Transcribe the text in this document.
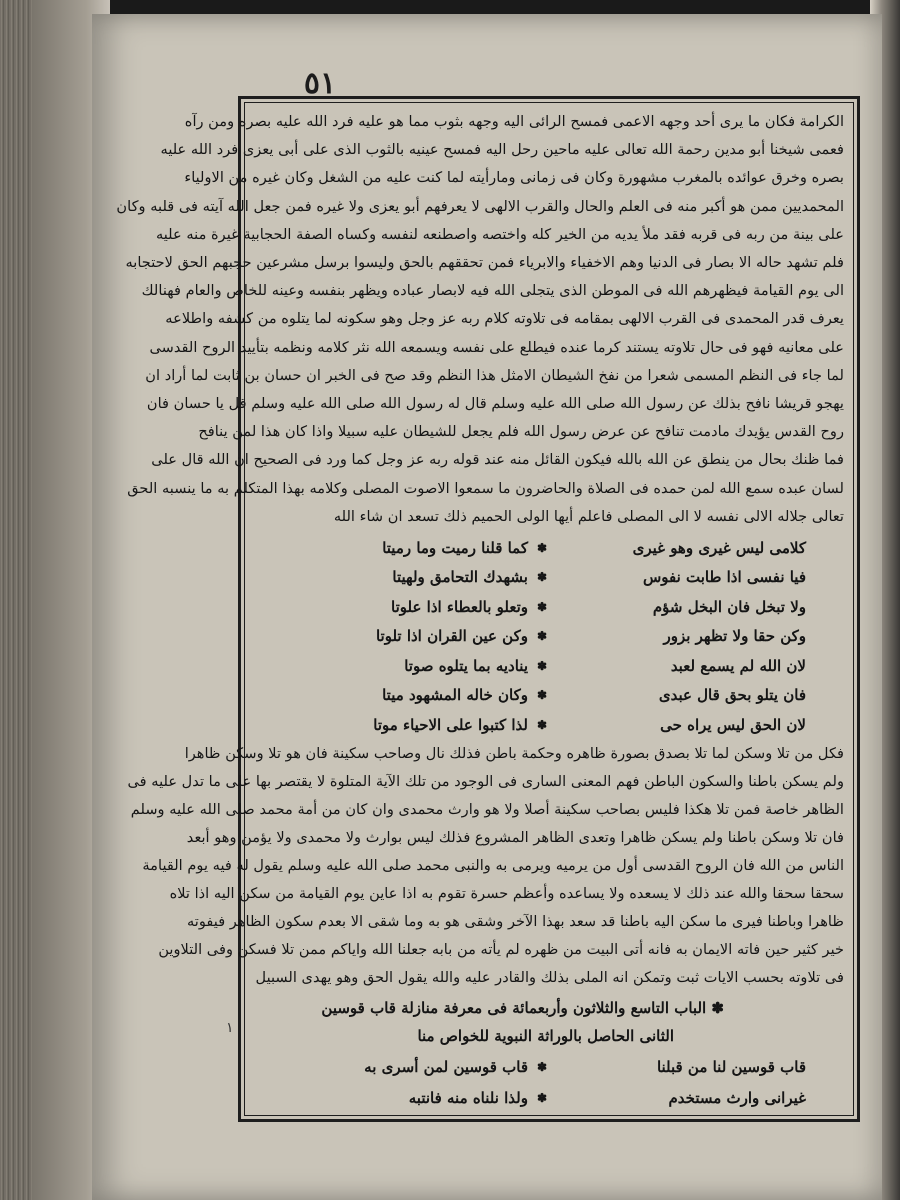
٥١
١

الكرامة فكان ما يرى أحد وجهه الاعمى فمسح الرائى اليه وجهه بثوب مما هو عليه فرد الله عليه بصره ومن رآه

فعمى شيخنا أبو مدين رحمة الله تعالى عليه ماحين رحل اليه فمسح عينيه بالثوب الذى على أبى يعزى فرد الله عليه

بصره وخرق عوائده بالمغرب مشهورة وكان فى زمانى ومارأيته لما كنت عليه من الشغل وكان غيره من الاولياء

المحمديين ممن هو أكبر منه فى العلم والحال والقرب الالهى لا يعرفهم أبو يعزى ولا غيره فمن جعل الله آيته فى قلبه وكان

على بينة من ربه فى قربه فقد ملأ يديه من الخير كله واختصه واصطنعه لنفسه وكساه الصفة الحجابية غيرة منه عليه

فلم تشهد حاله الا بصار فى الدنيا وهم الاخفياء والابرياء فمن تحققهم بالحق وليسوا برسل مشرعين حجبهم الحق لاحتجابه

الى يوم القيامة فيظهرهم الله فى الموطن الذى يتجلى الله فيه لابصار عباده ويظهر بنفسه وعينه للخاص والعام فهنالك

يعرف قدر المحمدى فى القرب الالهى بمقامه فى تلاوته كلام ربه عز وجل وهو سكونه لما يتلوه من كشفه واطلاعه

على معانيه فهو فى حال تلاوته يستند كرما عنده فيطلع على نفسه ويسمعه الله نثر كلامه ونظمه بتأييد الروح القدسى

لما جاء فى النظم المسمى شعرا من نفخ الشيطان الامثل هذا النظم وقد صح فى الخبر ان حسان بن ثابت لما أراد ان

يهجو قريشا نافح بذلك عن رسول الله صلى الله عليه وسلم قال له رسول الله صلى الله عليه وسلم قل يا حسان فان

روح القدس يؤيدك مادمت تنافح عن عرض رسول الله فلم يجعل للشيطان عليه سبيلا واذا كان هذا لمن ينافح

فما ظنك بحال من ينطق عن الله بالله فيكون القائل منه عند قوله ربه عز وجل كما ورد فى الصحيح ان الله قال على

لسان عبده سمع الله لمن حمده فى الصلاة والحاضرون ما سمعوا الاصوت المصلى وكلامه بهذا المتكلم به ما ينسبه الحق

تعالى جلاله الالى نفسه لا الى المصلى فاعلم أيها الولى الحميم ذلك تسعد ان شاء الله

كلامى ليس غيرى وهو غيرى
✽
كما قلنا رميت وما رميتا
فيا نفسى اذا طابت نفوس
✽
بشهدك التحامق ولهيتا
ولا تبخل فان البخل شؤم
✽
وتعلو بالعطاء اذا علوتا
وكن حقا ولا تظهر بزور
✽
وكن عين القران اذا تلوتا
لان الله لم يسمع لعبد
✽
يناديه بما يتلوه صوتا
فان يتلو بحق قال عبدى
✽
وكان خاله المشهود ميتا
لان الحق ليس يراه حى
✽
لذا كتبوا على الاحياء موتا

فكل من تلا وسكن لما تلا بصدق بصورة ظاهره وحكمة باطن فذلك نال وصاحب سكينة فان هو تلا وسكن ظاهرا

ولم يسكن باطنا والسكون الباطن فهم المعنى السارى فى الوجود من تلك الآية المتلوة لا يقتصر بها على ما تدل عليه فى

الظاهر خاصة فمن تلا هكذا فليس بصاحب سكينة أصلا ولا هو وارث محمدى وان كان من أمة محمد صلى الله عليه وسلم

فان تلا وسكن باطنا ولم يسكن ظاهرا وتعدى الظاهر المشروع فذلك ليس بوارث ولا محمدى ولا يؤمن وهو أبعد

الناس من الله فان الروح القدسى أول من يرميه ويرمى به والنبى محمد صلى الله عليه وسلم يقول له فيه يوم القيامة

سحقا سحقا والله عند ذلك لا يسعده ولا يساعده وأعظم حسرة تقوم به اذا عاين يوم القيامة من سكن اليه اذا تلاه

ظاهرا وباطنا فيرى ما سكن اليه باطنا قد سعد بهذا الآخر وشقى هو به وما شقى الا بعدم سكون الظاهر فيفوته

خير كثير حين فاته الايمان به فانه أتى البيت من ظهره لم يأته من بابه جعلنا الله واياكم ممن تلا فسكن وفى التلاوين

فى تلاوته بحسب الايات ثبت وتمكن انه الملى بذلك والقادر عليه والله يقول الحق وهو يهدى السبيل

✽ الباب التاسع والثلاثون وأربعمائة فى معرفة منازلة قاب قوسين
الثانى الحاصل بالوراثة النبوية للخواص منا
قاب قوسين لنا من قبلنا
✽
قاب قوسين لمن أسرى به
غيرانى وارث مستخدم
✽
ولذا نلناه منه فانتبه
